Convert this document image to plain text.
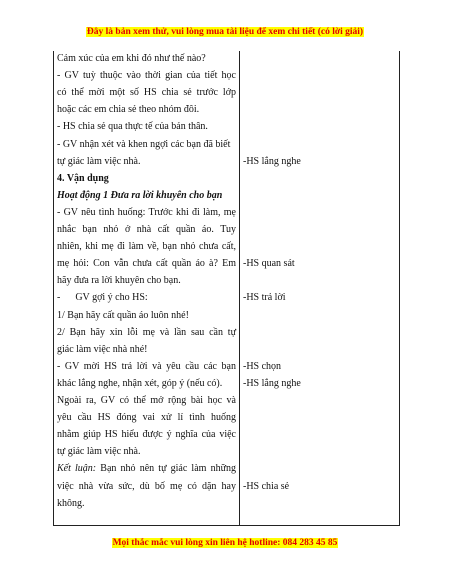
Đây là bản xem thử, vui lòng mua tài liệu để xem chi tiết (có lời giải)
Cảm xúc của em khi đó như thế nào?
- GV tuỳ thuộc vào thời gian của tiết học
có thể mời một số HS chia sẻ trước lớp
hoặc các em chia sẻ theo nhóm đôi.
- HS chia sẻ qua thực tế của bản thân.
- GV nhận xét và khen ngợi các bạn đã biết
tự giác làm việc nhà.
4. Vận dụng
Hoạt động 1 Đưa ra lời khuyên cho bạn
- GV nêu tình huống: Trước khi đi làm, mẹ
nhắc bạn nhỏ ở nhà cất quần áo. Tuy
nhiên, khi mẹ đi làm về, bạn nhỏ chưa cất,
mẹ hỏi: Con vẫn chưa cất quần áo à? Em
hãy đưa ra lời khuyên cho bạn.
-      GV gợi ý cho HS:
1/ Bạn hãy cất quần áo luôn nhé!
2/ Bạn hãy xin lỗi mẹ và lần sau cần tự
giác làm việc nhà nhé!
- GV mời HS trả lời và yêu cầu các bạn
khác lắng nghe, nhận xét, góp ý (nếu có).
Ngoài ra, GV có thể mở rộng bài học và
yêu cầu HS đóng vai xử lí tình huống
nhằm giúp HS hiểu được ý nghĩa của việc
tự giác làm việc nhà.
Kết luận: Bạn nhỏ nên tự giác làm những
việc nhà vừa sức, dù bố mẹ có dặn hay
không.
-HS lắng nghe
-HS quan sát
-HS trả lời
-HS chọn
-HS lắng nghe
-HS chia sẻ
Mọi thắc mắc vui lòng xin liên hệ hotline: 084 283 45 85
